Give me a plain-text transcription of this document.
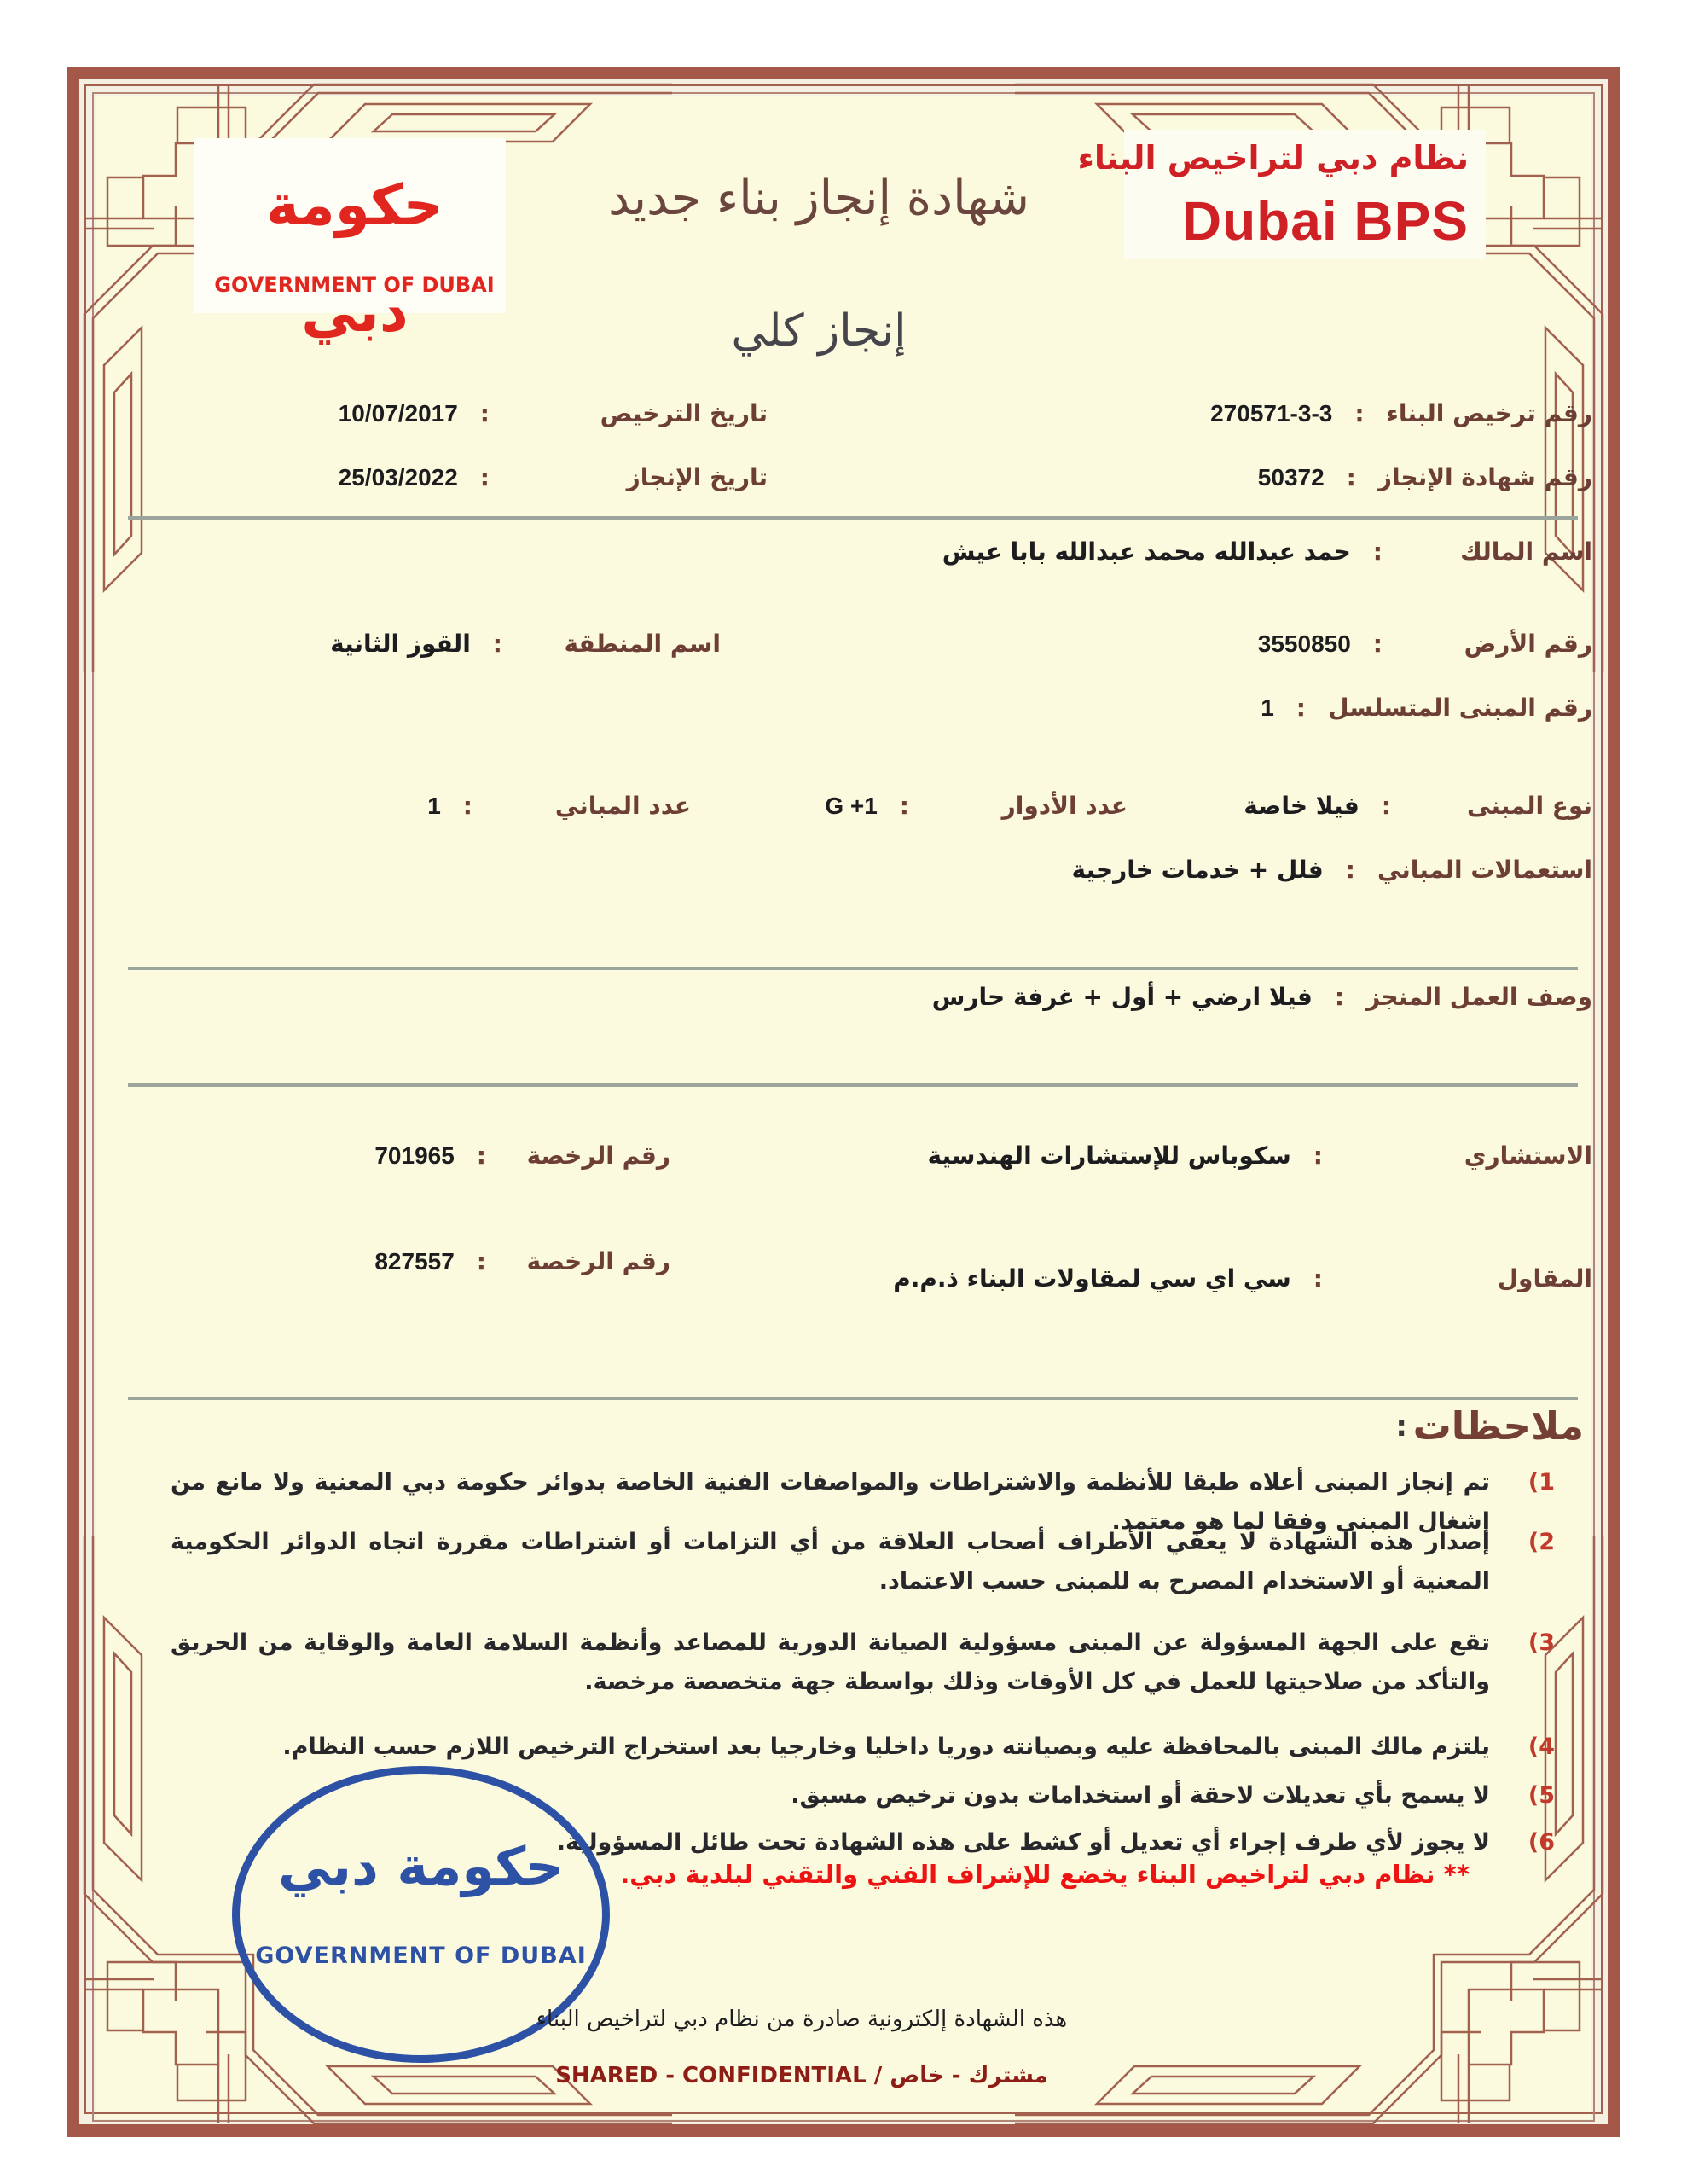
حكومة دبي
GOVERNMENT OF DUBAI
نظام دبي لتراخيص البناء
Dubai BPS
شهادة إنجاز بناء جديد
إنجاز كلي
رقم ترخيص البناء
:
270571-3-3
تاريخ الترخيص
:
10/07/2017
رقم شهادة الإنجاز
:
50372
تاريخ الإنجاز
:
25/03/2022
اسم المالك
:
حمد عبدالله محمد عبدالله بابا عيش
رقم الأرض
:
3550850
اسم المنطقة
:
القوز الثانية
رقم المبنى المتسلسل
:
1
نوع المبنى
:
فيلا خاصة
عدد الأدوار
:
G +1
عدد المباني
:
1
استعمالات المباني
:
فلل + خدمات خارجية
وصف العمل المنجز
:
فيلا ارضي + أول + غرفة حارس
الاستشاري
:
سكوباس للإستشارات الهندسية
رقم الرخصة
:
701965
المقاول
:
سي اي سي لمقاولات البناء ذ.م.م
رقم الرخصة
:
827557
ملاحظات
:
1)
تم إنجاز المبنى أعلاه طبقا للأنظمة والاشتراطات والمواصفات الفنية الخاصة بدوائر حكومة دبي المعنية ولا مانع من إشغال المبنى وفقا لما هو معتمد.
2)
إصدار هذه الشهادة لا يعفي الأطراف أصحاب العلاقة من أي التزامات أو اشتراطات مقررة اتجاه الدوائر الحكومية المعنية أو الاستخدام المصرح به للمبنى حسب الاعتماد.
3)
تقع على الجهة المسؤولة عن المبنى مسؤولية الصيانة الدورية للمصاعد وأنظمة السلامة العامة والوقاية من الحريق والتأكد من صلاحيتها للعمل في كل الأوقات وذلك بواسطة جهة متخصصة مرخصة.
4)
يلتزم مالك المبنى بالمحافظة عليه وبصيانته دوريا داخليا وخارجيا بعد استخراج الترخيص اللازم حسب النظام.
5)
لا يسمح بأي تعديلات لاحقة أو استخدامات بدون ترخيص مسبق.
6)
لا يجوز لأي طرف إجراء أي تعديل أو كشط على هذه الشهادة تحت طائل المسؤولية.
** نظام دبي لتراخيص البناء يخضع للإشراف الفني والتقني لبلدية دبي.
حكومة دبي
GOVERNMENT OF DUBAI
هذه الشهادة إلكترونية صادرة من نظام دبي لتراخيص البناء
مشترك - خاص / SHARED - CONFIDENTIAL
